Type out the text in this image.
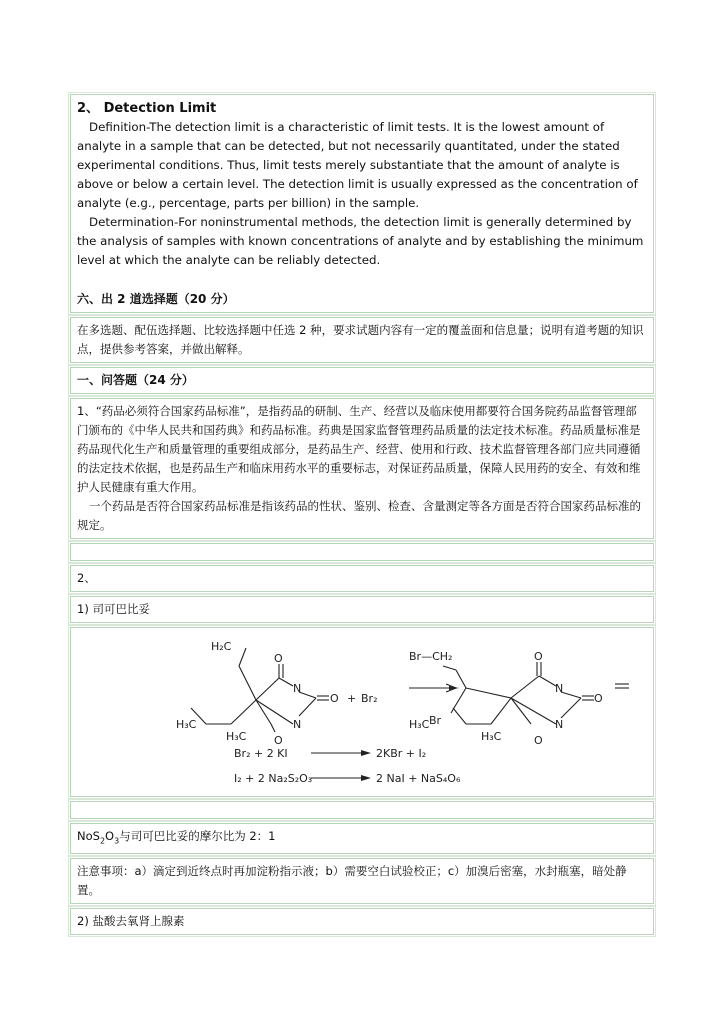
2、 Detection Limit

Definition-The detection limit is a characteristic of limit tests. It is the lowest amount of analyte in a sample that can be detected, but not necessarily quantitated, under the stated experimental conditions. Thus, limit tests merely substantiate that the amount of analyte is above or below a certain level. The detection limit is usually expressed as the concentration of analyte (e.g., percentage, parts per billion) in the sample.

Determination-For noninstrumental methods, the detection limit is generally determined by the analysis of samples with known concentrations of analyte and by establishing the minimum level at which the analyte can be reliably detected.

六、出 2 道选择题（20 分）

在多选题、配伍选择题、比较选择题中任选 2 种，要求试题内容有一定的覆盖面和信息量；说明有道考题的知识点，提供参考答案，并做出解释。

一、问答题（24 分）

1、“药品必须符合国家药品标准”，是指药品的研制、生产、经营以及临床使用都要符合国务院药品监督管理部门颁布的《中华人民共和国药典》和药品标准。药典是国家监督管理药品质量的法定技术标准。药品质量标准是药品现代化生产和质量管理的重要组成部分，是药品生产、经营、使用和行政、技术监督管理各部门应共同遵循的法定技术依据，也是药品生产和临床用药水平的重要标志，对保证药品质量，保障人民用药的安全、有效和维护人民健康有重大作用。

一个药品是否符合国家药品标准是指该药品的性状、鉴别、检查、含量测定等各方面是否符合国家药品标准的规定。

2、

1) 司可巴比妥

H₂C
H₃C
H₃C
O
N
O
N
O
+ Br₂
Br—CH₂
Br
H₃C
H₃C
O
N
O
N
O
Br₂ + 2 KI	2KBr + I₂
I₂ + 2 Na₂S₂O₃	2 NaI + NaS₄O₆

$NoS_2O_3$与司可巴比妥的摩尔比为 2：1

注意事项：a）滴定到近终点时再加淀粉指示液；b）需要空白试验校正；c）加溴后密塞，水封瓶塞，暗处静置。

2) 盐酸去氧肾上腺素
